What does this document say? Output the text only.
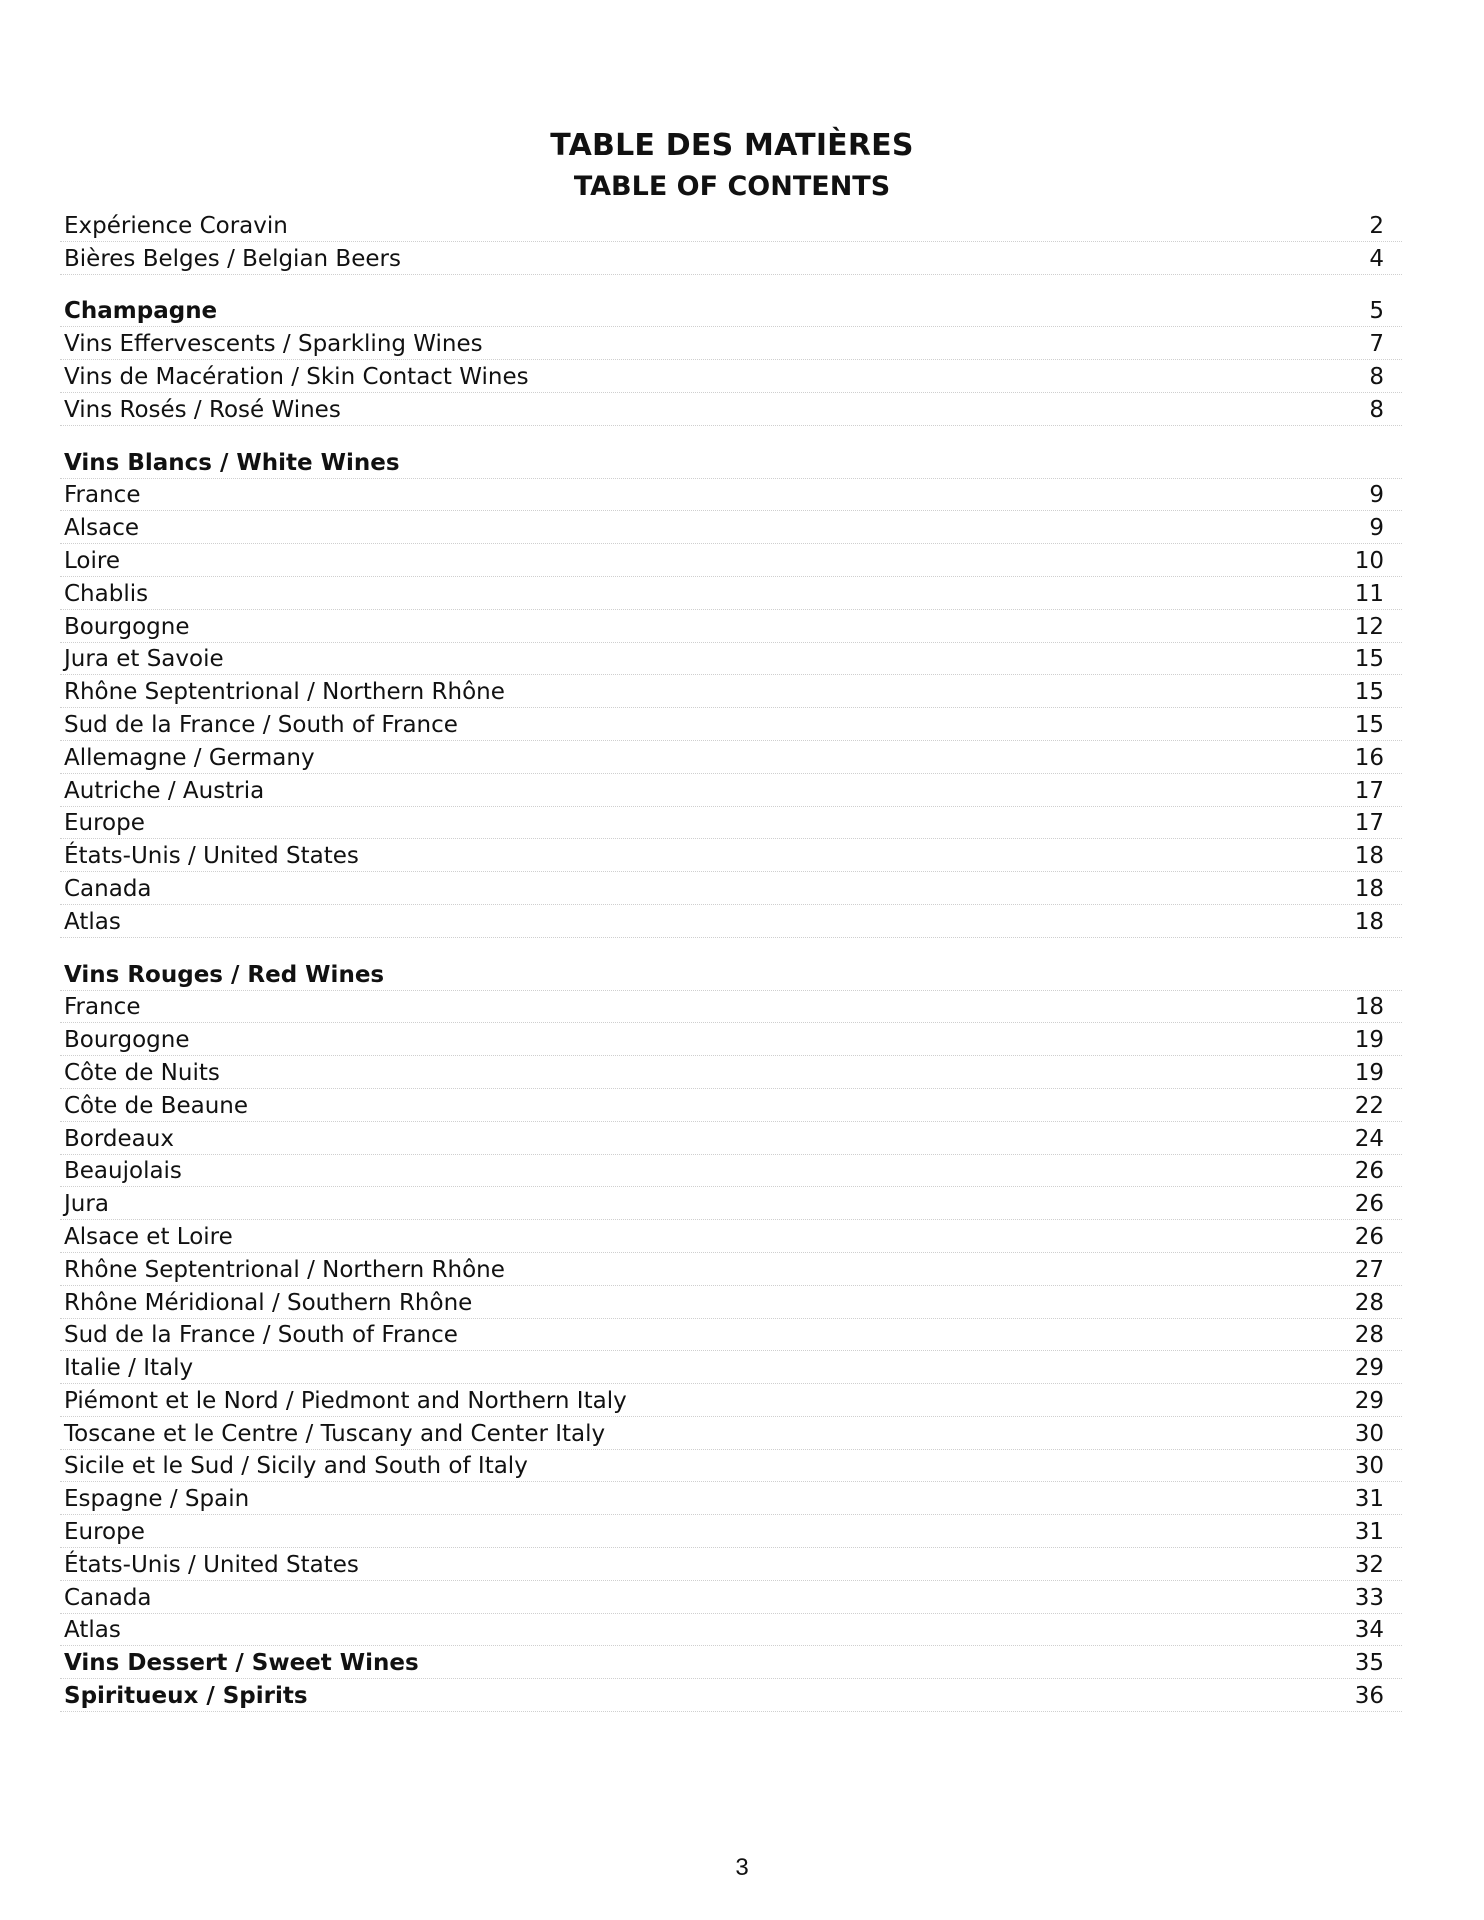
TABLE DES MATIÈRES
TABLE OF CONTENTS
Expérience Coravin	2
Bières Belges / Belgian Beers	4
Champagne	5
Vins Effervescents / Sparkling Wines	7
Vins de Macération / Skin Contact Wines	8
Vins Rosés / Rosé Wines	8
Vins Blancs / White Wines
France	9
Alsace	9
Loire	10
Chablis	11
Bourgogne	12
Jura et Savoie	15
Rhône Septentrional / Northern Rhône	15
Sud de la France / South of France	15
Allemagne / Germany	16
Autriche / Austria	17
Europe	17
États-Unis / United States	18
Canada	18
Atlas	18
Vins Rouges / Red Wines
France	18
Bourgogne	19
Côte de Nuits	19
Côte de Beaune	22
Bordeaux	24
Beaujolais	26
Jura	26
Alsace et Loire	26
Rhône Septentrional / Northern Rhône	27
Rhône Méridional / Southern Rhône	28
Sud de la France / South of France	28
Italie / Italy	29
Piémont et le Nord / Piedmont and Northern Italy	29
Toscane et le Centre / Tuscany and Center Italy	30
Sicile et le Sud / Sicily and South of Italy	30
Espagne / Spain	31
Europe	31
États-Unis / United States	32
Canada	33
Atlas	34
Vins Dessert / Sweet Wines	35
Spiritueux / Spirits	36
3
